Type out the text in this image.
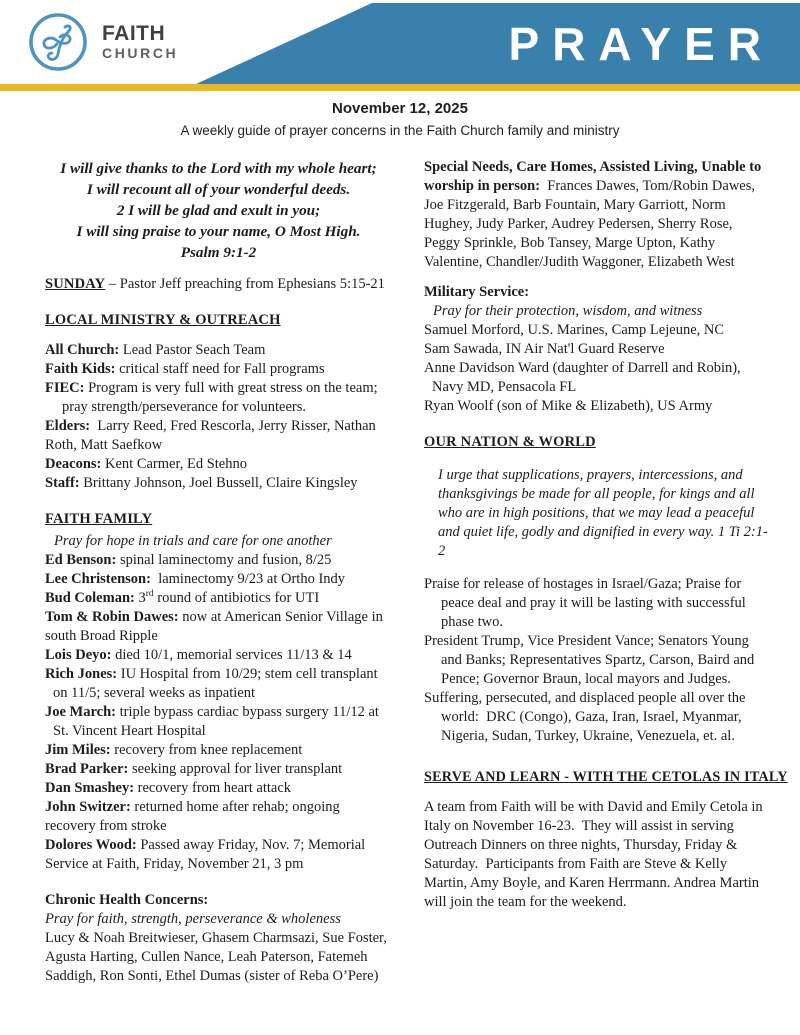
FAITH
CHURCH	PRAYER
November 12, 2025
A weekly guide of prayer concerns in the Faith Church family and ministry
I will give thanks to the Lord with my whole heart;
I will recount all of your wonderful deeds.
2 I will be glad and exult in you;
I will sing praise to your name, O Most High.
Psalm 9:1-2
SUNDAY – Pastor Jeff preaching from Ephesians 5:15-21
LOCAL MINISTRY & OUTREACH
All Church: Lead Pastor Seach Team
Faith Kids: critical staff need for Fall programs
FIEC: Program is very full with great stress on the team; pray strength/perseverance for volunteers.
Elders:  Larry Reed, Fred Rescorla, Jerry Risser, Nathan Roth, Matt Saefkow
Deacons: Kent Carmer, Ed Stehno
Staff: Brittany Johnson, Joel Bussell, Claire Kingsley
FAITH FAMILY
Pray for hope in trials and care for one another
Ed Benson: spinal laminectomy and fusion, 8/25
Lee Christenson:  laminectomy 9/23 at Ortho Indy
Bud Coleman: 3rd round of antibiotics for UTI
Tom & Robin Dawes: now at American Senior Village in south Broad Ripple
Lois Deyo: died 10/1, memorial services 11/13 & 14
Rich Jones: IU Hospital from 10/29; stem cell transplant on 11/5; several weeks as inpatient
Joe March: triple bypass cardiac bypass surgery 11/12 at St. Vincent Heart Hospital
Jim Miles: recovery from knee replacement
Brad Parker: seeking approval for liver transplant
Dan Smashey: recovery from heart attack
John Switzer: returned home after rehab; ongoing recovery from stroke
Dolores Wood: Passed away Friday, Nov. 7; Memorial Service at Faith, Friday, November 21, 3 pm
Chronic Health Concerns:
Pray for faith, strength, perseverance & wholeness
Lucy & Noah Breitwieser, Ghasem Charmsazi, Sue Foster, Agusta Harting, Cullen Nance, Leah Paterson, Fatemeh Saddigh, Ron Sonti, Ethel Dumas (sister of Reba O’Pere)
Special Needs, Care Homes, Assisted Living, Unable to worship in person:  Frances Dawes, Tom/Robin Dawes, Joe Fitzgerald, Barb Fountain, Mary Garriott, Norm Hughey, Judy Parker, Audrey Pedersen, Sherry Rose, Peggy Sprinkle, Bob Tansey, Marge Upton, Kathy Valentine, Chandler/Judith Waggoner, Elizabeth West
Military Service:
Pray for their protection, wisdom, and witness
Samuel Morford, U.S. Marines, Camp Lejeune, NC
Sam Sawada, IN Air Nat'l Guard Reserve
Anne Davidson Ward (daughter of Darrell and Robin), Navy MD, Pensacola FL
Ryan Woolf (son of Mike & Elizabeth), US Army
OUR NATION & WORLD
I urge that supplications, prayers, intercessions, and thanksgivings be made for all people, for kings and all who are in high positions, that we may lead a peaceful and quiet life, godly and dignified in every way. 1 Ti 2:1-2
Praise for release of hostages in Israel/Gaza; Praise for peace deal and pray it will be lasting with successful phase two.
President Trump, Vice President Vance; Senators Young and Banks; Representatives Spartz, Carson, Baird and Pence; Governor Braun, local mayors and Judges.
Suffering, persecuted, and displaced people all over the world:  DRC (Congo), Gaza, Iran, Israel, Myanmar, Nigeria, Sudan, Turkey, Ukraine, Venezuela, et. al.
SERVE AND LEARN - WITH THE CETOLAS IN ITALY
A team from Faith will be with David and Emily Cetola in Italy on November 16-23.  They will assist in serving Outreach Dinners on three nights, Thursday, Friday & Saturday.  Participants from Faith are Steve & Kelly Martin, Amy Boyle, and Karen Herrmann. Andrea Martin will join the team for the weekend.
